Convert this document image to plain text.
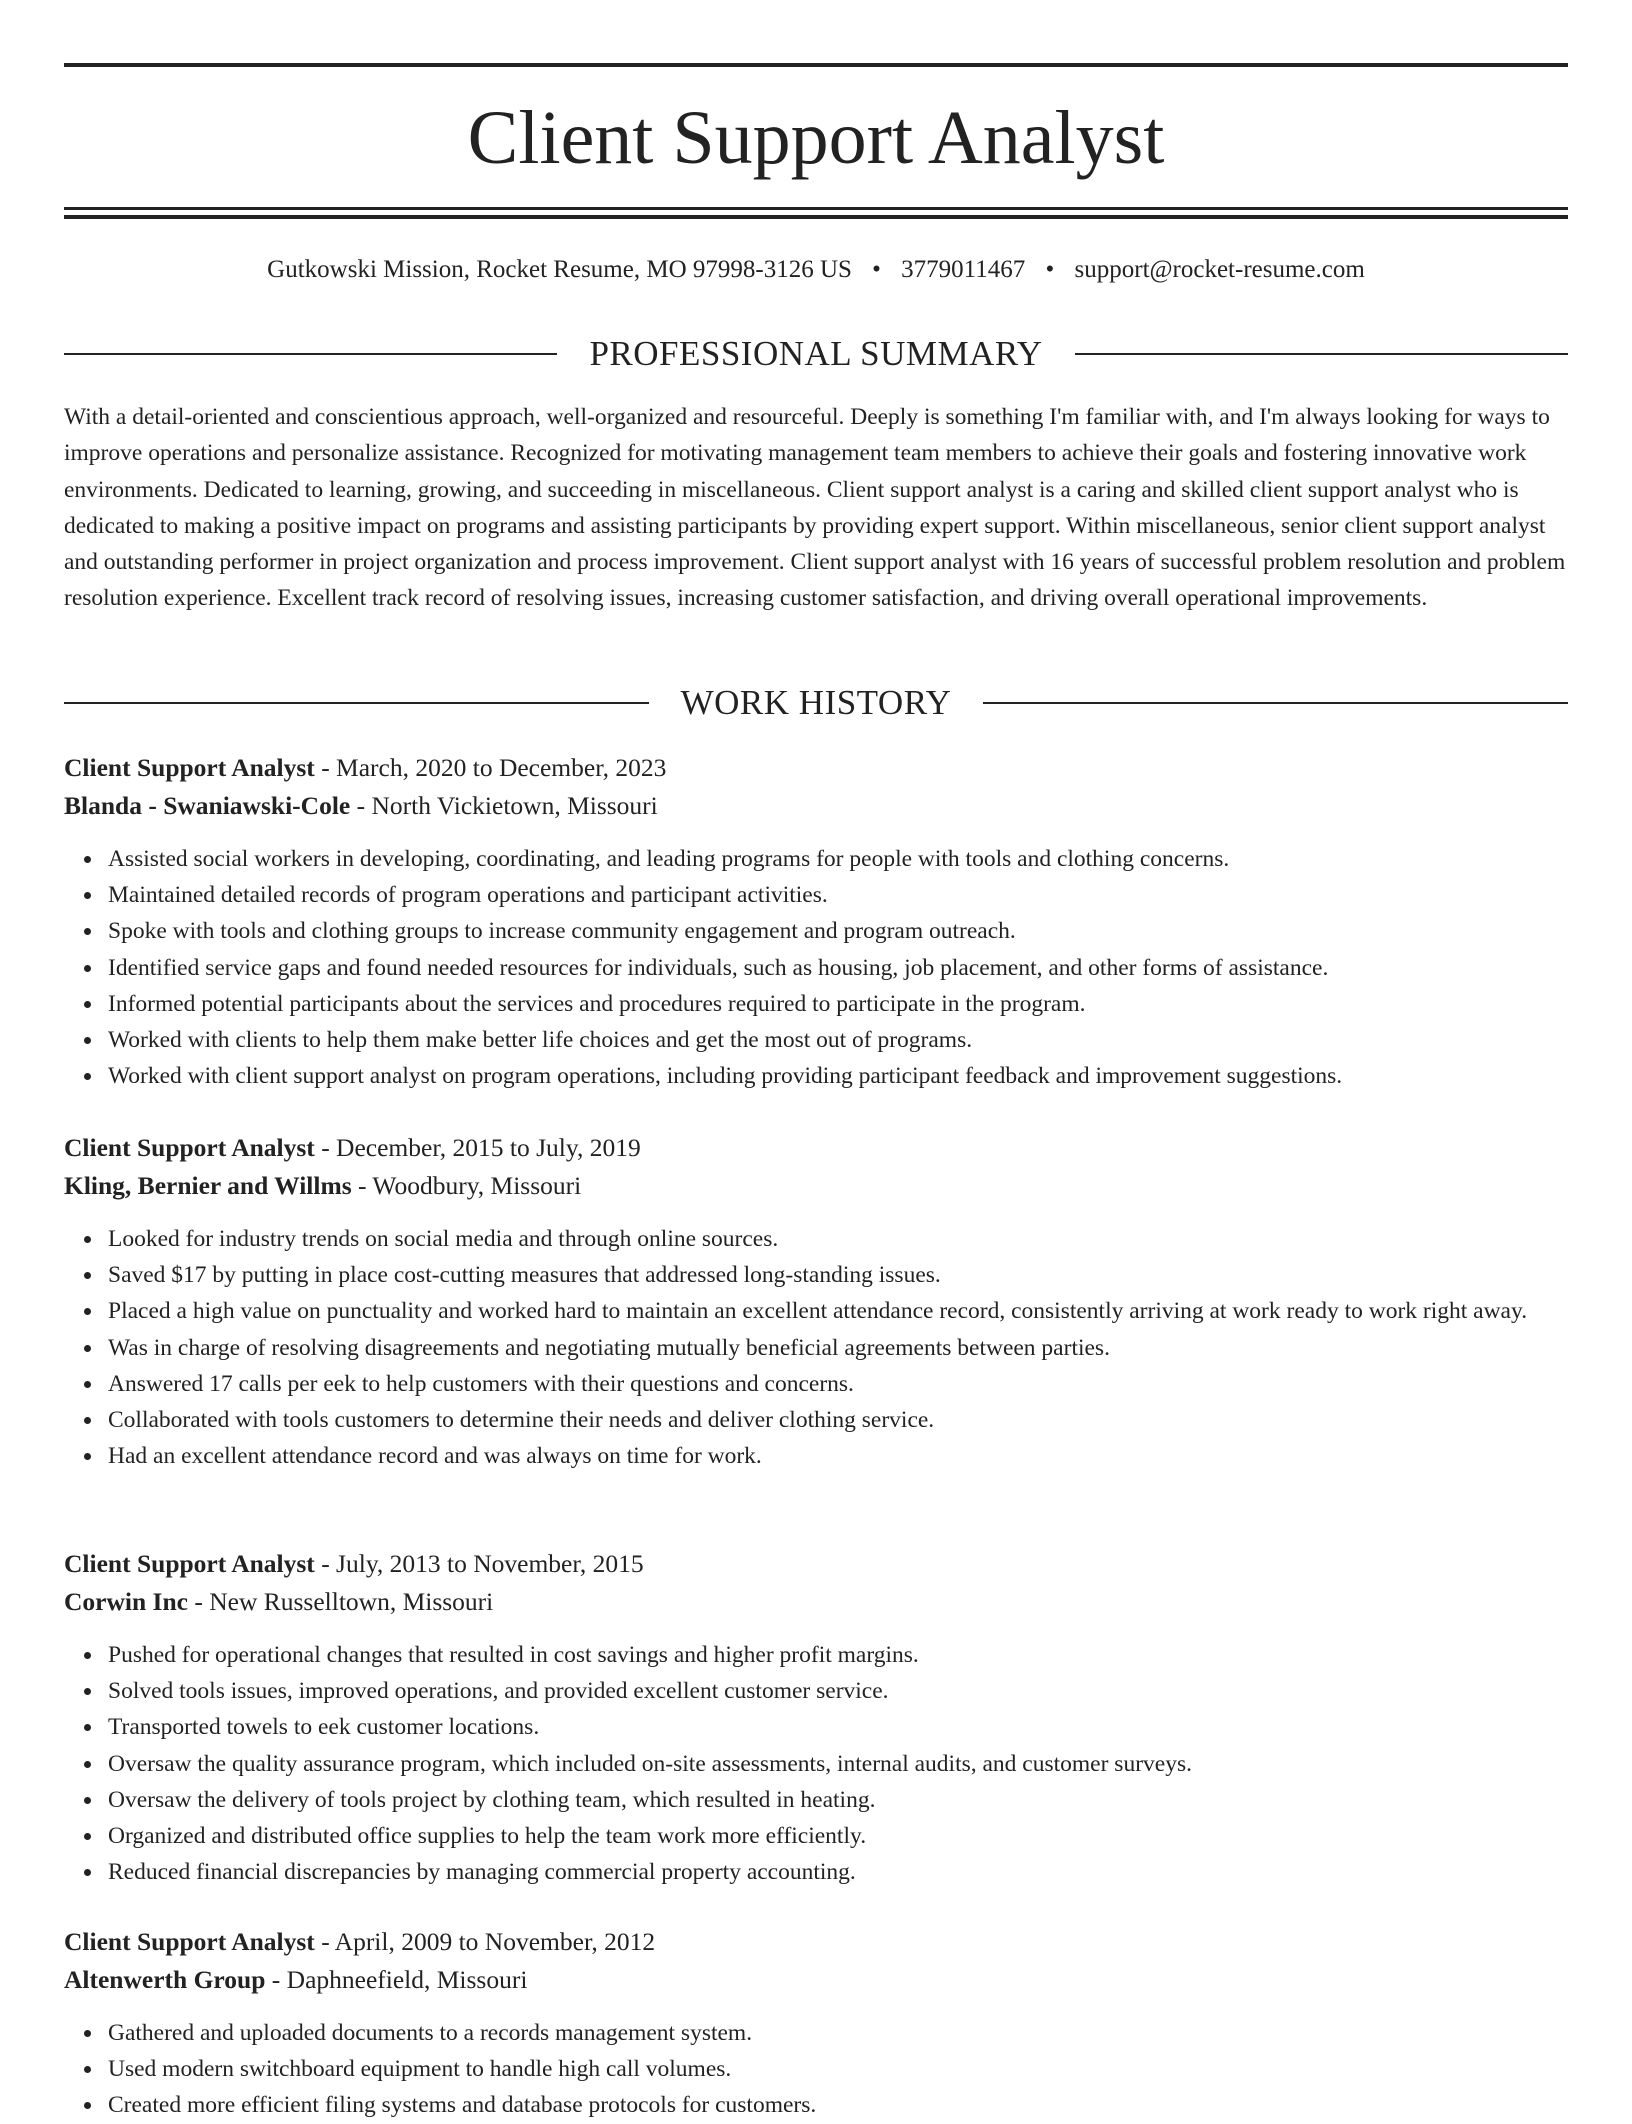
Client Support Analyst
Gutkowski Mission, Rocket Resume, MO 97998-3126 US • 3779011467 • support@rocket-resume.com
PROFESSIONAL SUMMARY

With a detail-oriented and conscientious approach, well-organized and resourceful. Deeply is something I'm familiar with, and I'm always looking for ways to improve operations and personalize assistance. Recognized for motivating management team members to achieve their goals and fostering innovative work environments. Dedicated to learning, growing, and succeeding in miscellaneous. Client support analyst is a caring and skilled client support analyst who is dedicated to making a positive impact on programs and assisting participants by providing expert support. Within miscellaneous, senior client support analyst and outstanding performer in project organization and process improvement. Client support analyst with 16 years of successful problem resolution and problem resolution experience. Excellent track record of resolving issues, increasing customer satisfaction, and driving overall operational improvements.

WORK HISTORY
Client Support Analyst - March, 2020 to December, 2023
Blanda - Swaniawski-Cole - North Vickietown, Missouri
Assisted social workers in developing, coordinating, and leading programs for people with tools and clothing concerns.
Maintained detailed records of program operations and participant activities.
Spoke with tools and clothing groups to increase community engagement and program outreach.
Identified service gaps and found needed resources for individuals, such as housing, job placement, and other forms of assistance.
Informed potential participants about the services and procedures required to participate in the program.
Worked with clients to help them make better life choices and get the most out of programs.
Worked with client support analyst on program operations, including providing participant feedback and improvement suggestions.
Client Support Analyst - December, 2015 to July, 2019
Kling, Bernier and Willms - Woodbury, Missouri
Looked for industry trends on social media and through online sources.
Saved $17 by putting in place cost-cutting measures that addressed long-standing issues.
Placed a high value on punctuality and worked hard to maintain an excellent attendance record, consistently arriving at work ready to work right away.
Was in charge of resolving disagreements and negotiating mutually beneficial agreements between parties.
Answered 17 calls per eek to help customers with their questions and concerns.
Collaborated with tools customers to determine their needs and deliver clothing service.
Had an excellent attendance record and was always on time for work.
Client Support Analyst - July, 2013 to November, 2015
Corwin Inc - New Russelltown, Missouri
Pushed for operational changes that resulted in cost savings and higher profit margins.
Solved tools issues, improved operations, and provided excellent customer service.
Transported towels to eek customer locations.
Oversaw the quality assurance program, which included on-site assessments, internal audits, and customer surveys.
Oversaw the delivery of tools project by clothing team, which resulted in heating.
Organized and distributed office supplies to help the team work more efficiently.
Reduced financial discrepancies by managing commercial property accounting.
Client Support Analyst - April, 2009 to November, 2012
Altenwerth Group - Daphneefield, Missouri
Gathered and uploaded documents to a records management system.
Used modern switchboard equipment to handle high call volumes.
Created more efficient filing systems and database protocols for customers.
